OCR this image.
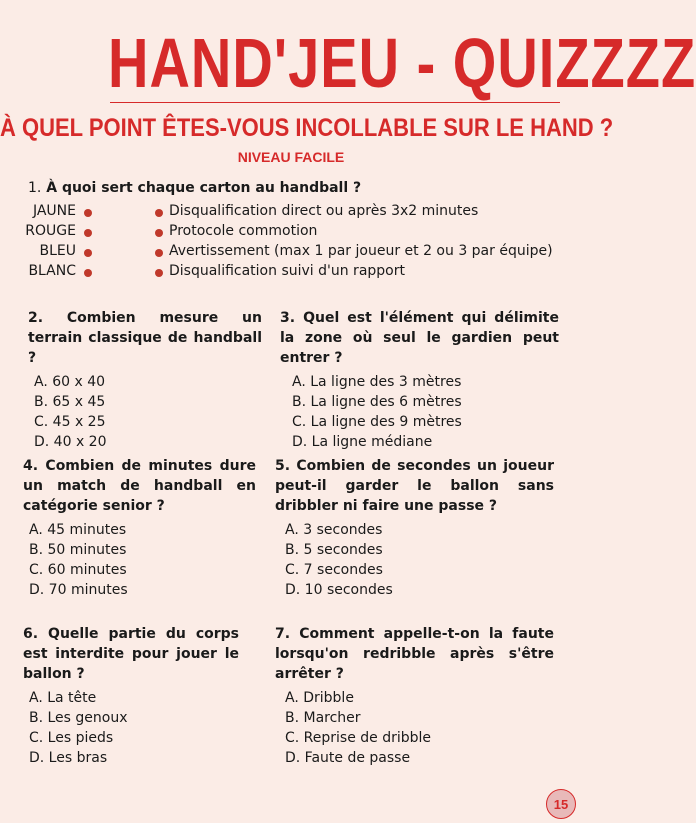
HAND'JEU - QUIZZZZ
À QUEL POINT ÊTES-VOUS INCOLLABLE SUR LE HAND ?
NIVEAU FACILE
1. À quoi sert chaque carton au handball ?
JAUNE	Disqualification direct ou après 3x2 minutes
ROUGE	Protocole commotion
BLEU	Avertissement (max 1 par joueur et 2 ou 3 par équipe)
BLANC	Disqualification suivi d'un rapport
2. Combien mesure un terrain classique de handball ?
A. 60 x 40
B. 65 x 45
C. 45 x 25
D. 40 x 20
3. Quel est l'élément qui délimite la zone où seul le gardien peut entrer ?
A. La ligne des 3 mètres
B. La ligne des 6 mètres
C. La ligne des 9 mètres
D. La ligne médiane
4. Combien de minutes dure un match de handball en catégorie senior ?
A. 45 minutes
B. 50 minutes
C. 60 minutes
D. 70 minutes
5. Combien de secondes un joueur peut-il garder le ballon sans dribbler ni faire une passe ?
A. 3 secondes
B. 5 secondes
C. 7 secondes
D. 10 secondes
6. Quelle partie du corps est interdite pour jouer le ballon ?
A. La tête
B. Les genoux
C. Les pieds
D. Les bras
7. Comment appelle-t-on la faute lorsqu'on redribble après s'être arrêter ?
A. Dribble
B. Marcher
C. Reprise de dribble
D. Faute de passe
15
